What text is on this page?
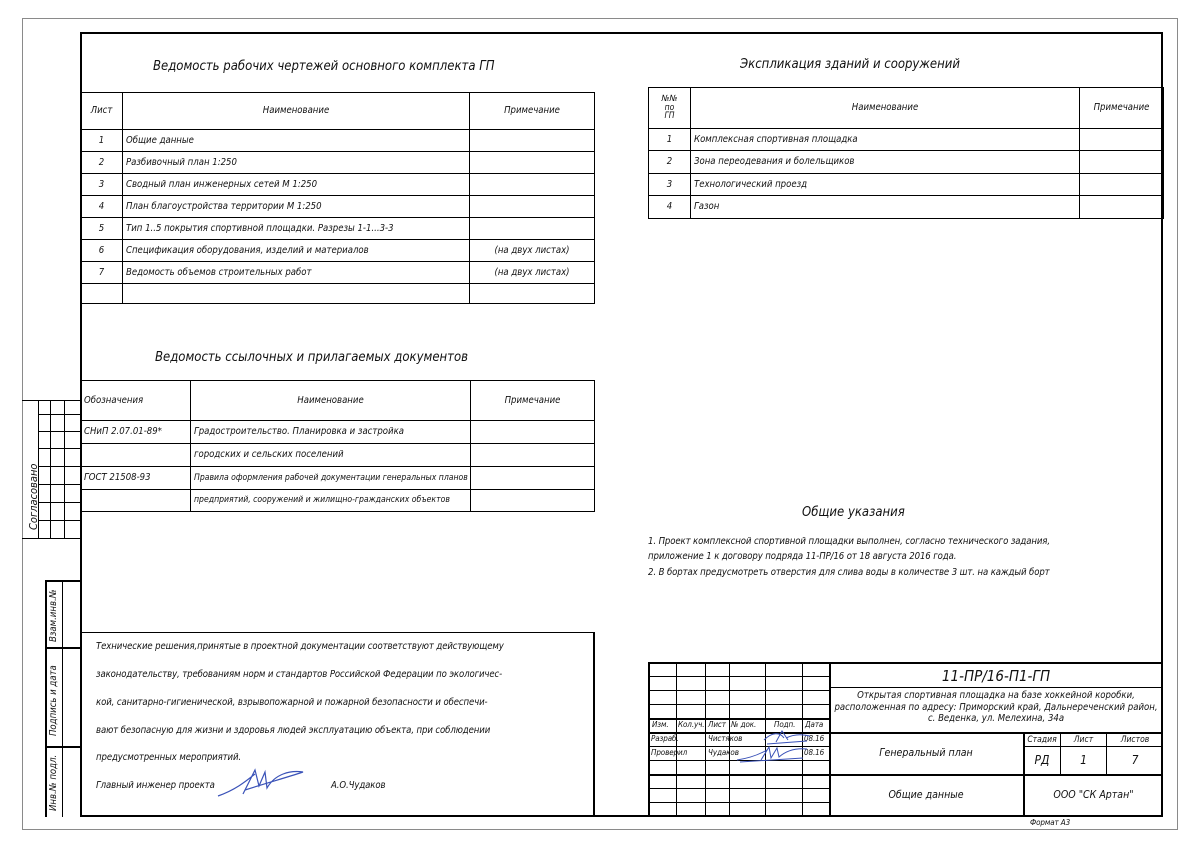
Согласовано
Взам.инв.№
Подпись и дата
Инв.№ подл.
Ведомость рабочих чертежей основного комплекта ГП
Лист	Наименование	Примечание
1	Общие данные	
2	Разбивочный план 1:250	
3	Сводный план инженерных сетей М 1:250	
4	План благоустройства территории М 1:250	
5	Тип 1..5 покрытия спортивной площадки. Разрезы 1-1...3-3	
6	Спецификация оборудования, изделий и материалов	(на двух листах)
7	Ведомость объемов строительных работ	(на двух листах)

Ведомость ссылочных и прилагаемых документов
Обозначения	Наименование	Примечание
СНиП 2.07.01-89*	Градостроительство. Планировка и застройка	
	городских и сельских поселений	
ГОСТ 21508-93	Правила оформления рабочей документации генеральных планов	
	предприятий, сооружений и жилищно-гражданских объектов	
Экспликация зданий и сооружений
№№
по
ГП	Наименование	Примечание
1	Комплексная спортивная площадка	
2	Зона переодевания и болельщиков	
3	Технологический проезд	
4	Газон	
Общие указания
1. Проект комплексной спортивной площадки выполнен, согласно технического задания,
приложение 1 к договору подряда 11-ПР/16 от 18 августа 2016 года.
2. В бортах предусмотреть отверстия для слива воды в количестве 3 шт. на каждый борт
Технические решения,принятые в проектной документации соответствуют действующему
законодательству, требованиям норм и стандартов Российской Федерации по экологичес-
кой, санитарно-гигиенической, взрывопожарной и пожарной безопасности и обеспечи-
вают безопасную для жизни и здоровья людей эксплуатацию объекта, при соблюдении
предусмотренных мероприятий.
Главный инженер проекта	А.О.Чудаков
Изм. Кол.уч. Лист № док. Подп. Дата
Разраб.	Чистяков	08.16
Проверил	Чудаков	08.16
11-ПР/16-П1-ГП
Открытая спортивная площадка на базе хоккейной коробки, расположенная по адресу: Приморский край, Дальнереченский район, с. Веденка, ул. Мелехина, 34а
Генеральный план
Общие данные
Стадия	Лист	Листов
РД	1	7
ООО "СК Артан"
Формат А3
